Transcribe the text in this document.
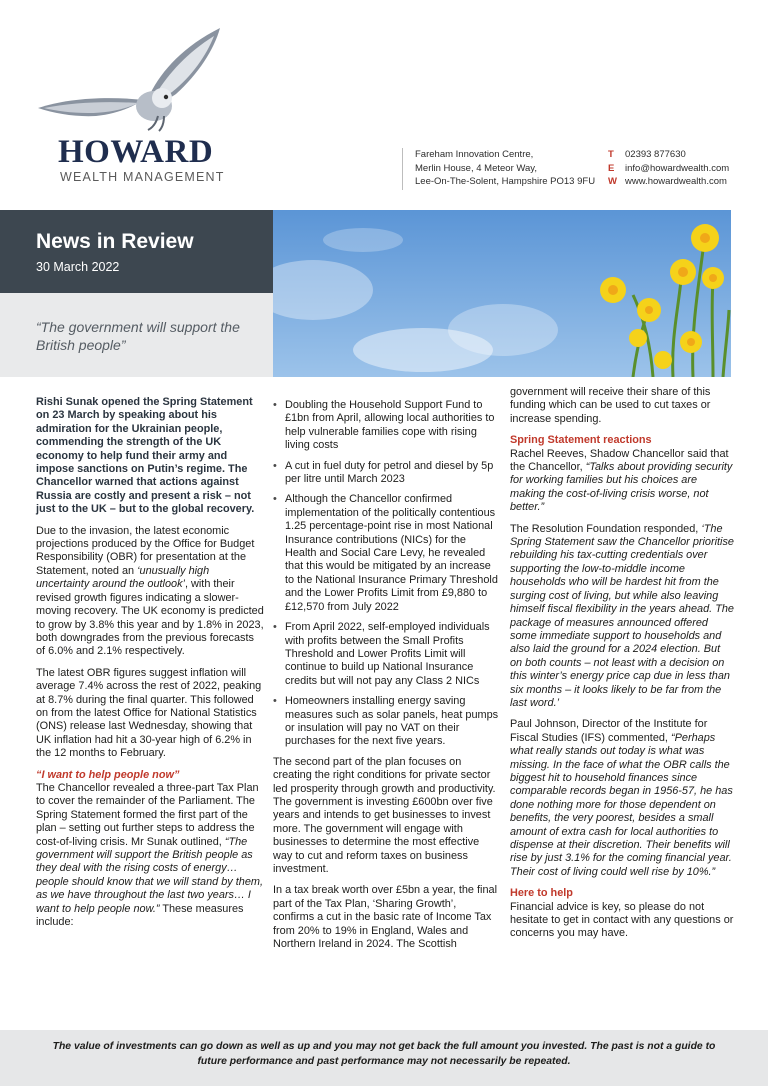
HOWARD
WEALTH MANAGEMENT
Fareham Innovation Centre,
Merlin House, 4 Meteor Way,
Lee-On-The-Solent, Hampshire PO13 9FU
T	02393 877630
E	info@howardwealth.com
W www.howardwealth.com
News in Review
30 March 2022
“The government will support the British people”

Rishi Sunak opened the Spring Statement on 23 March by speaking about his admiration for the Ukrainian people, commending the strength of the UK economy to help fund their army and impose sanctions on Putin’s regime. The Chancellor warned that actions against Russia are costly and present a risk – not just to the UK – but to the global recovery.

Due to the invasion, the latest economic projections produced by the Office for Budget Responsibility (OBR) for presentation at the Statement, noted an ‘unusually high uncertainty around the outlook’, with their revised growth figures indicating a slower-moving recovery. The UK economy is predicted to grow by 3.8% this year and by 1.8% in 2023, both downgrades from the previous forecasts of 6.0% and 2.1% respectively.

The latest OBR figures suggest inflation will average 7.4% across the rest of 2022, peaking at 8.7% during the final quarter. This followed on from the latest Office for National Statistics (ONS) release last Wednesday, showing that UK inflation had hit a 30-year high of 6.2% in the 12 months to February.

“I want to help people now”

The Chancellor revealed a three-part Tax Plan to cover the remainder of the Parliament. The Spring Statement formed the first part of the plan – setting out further steps to address the cost-of-living crisis. Mr Sunak outlined, “The government will support the British people as they deal with the rising costs of energy… people should know that we will stand by them, as we have throughout the last two years… I want to help people now.” These measures include:

• Doubling the Household Support Fund to £1bn from April, allowing local authorities to help vulnerable families cope with rising living costs
• A cut in fuel duty for petrol and diesel by 5p per litre until March 2023
• Although the Chancellor confirmed implementation of the politically contentious 1.25 percentage-point rise in most National Insurance contributions (NICs) for the Health and Social Care Levy, he revealed that this would be mitigated by an increase to the National Insurance Primary Threshold and the Lower Profits Limit from £9,880 to £12,570 from July 2022
• From April 2022, self-employed individuals with profits between the Small Profits Threshold and Lower Profits Limit will continue to build up National Insurance credits but will not pay any Class 2 NICs
• Homeowners installing energy saving measures such as solar panels, heat pumps or insulation will pay no VAT on their purchases for the next five years.

The second part of the plan focuses on creating the right conditions for private sector led prosperity through growth and productivity. The government is investing £600bn over five years and intends to get businesses to invest more. The government will engage with businesses to determine the most effective way to cut and reform taxes on business investment.

In a tax break worth over £5bn a year, the final part of the Tax Plan, ‘Sharing Growth’, confirms a cut in the basic rate of Income Tax from 20% to 19% in England, Wales and Northern Ireland in 2024. The Scottish

government will receive their share of this funding which can be used to cut taxes or increase spending.

Spring Statement reactions

Rachel Reeves, Shadow Chancellor said that the Chancellor, “Talks about providing security for working families but his choices are making the cost-of-living crisis worse, not better.”

The Resolution Foundation responded, ‘The Spring Statement saw the Chancellor prioritise rebuilding his tax-cutting credentials over supporting the low-to-middle income households who will be hardest hit from the surging cost of living, but while also leaving himself fiscal flexibility in the years ahead. The package of measures announced offered some immediate support to households and also laid the ground for a 2024 election. But on both counts – not least with a decision on this winter’s energy price cap due in less than six months – it looks likely to be far from the last word.’

Paul Johnson, Director of the Institute for Fiscal Studies (IFS) commented, “Perhaps what really stands out today is what was missing. In the face of what the OBR calls the biggest hit to household finances since comparable records began in 1956-57, he has done nothing more for those dependent on benefits, the very poorest, besides a small amount of extra cash for local authorities to dispense at their discretion. Their benefits will rise by just 3.1% for the coming financial year. Their cost of living could well rise by 10%.”

Here to help

Financial advice is key, so please do not hesitate to get in contact with any questions or concerns you may have.

The value of investments can go down as well as up and you may not get back the full amount you invested. The past is not a guide to future performance and past performance may not necessarily be repeated.
